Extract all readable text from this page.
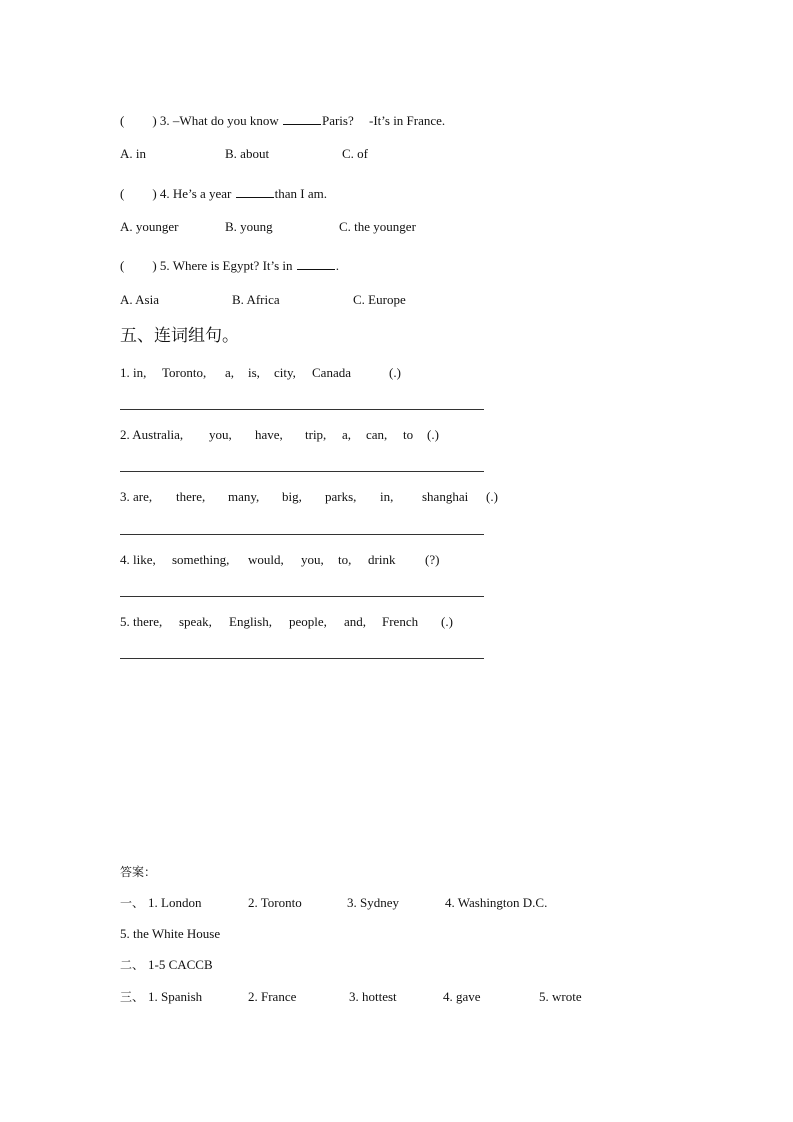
( ) 3. –What do you know	Paris? -It’s in France.
A. in	B. about	C. of
( ) 4. He’s a year	than I am.
A. younger	B. young	C. the younger
( ) 5. Where is Egypt? It’s in	.
A. Asia	B. Africa	C. Europe
五、连词组句。
1. in, Toronto, a, is, city, Canada	(.)
2. Australia, you, have, trip, a, can, to (.)
3. are, there, many, big, parks, in, shanghai (.)
4. like, something, would, you, to, drink (?)
5. there, speak, English, people, and, French (.)
答案：
一、 1. London	2. Toronto	3. Sydney	4. Washington D.C.
5. the White House
二、 1-5 CACCB
三、 1. Spanish	2. France	3. hottest	4. gave	5. wrote
